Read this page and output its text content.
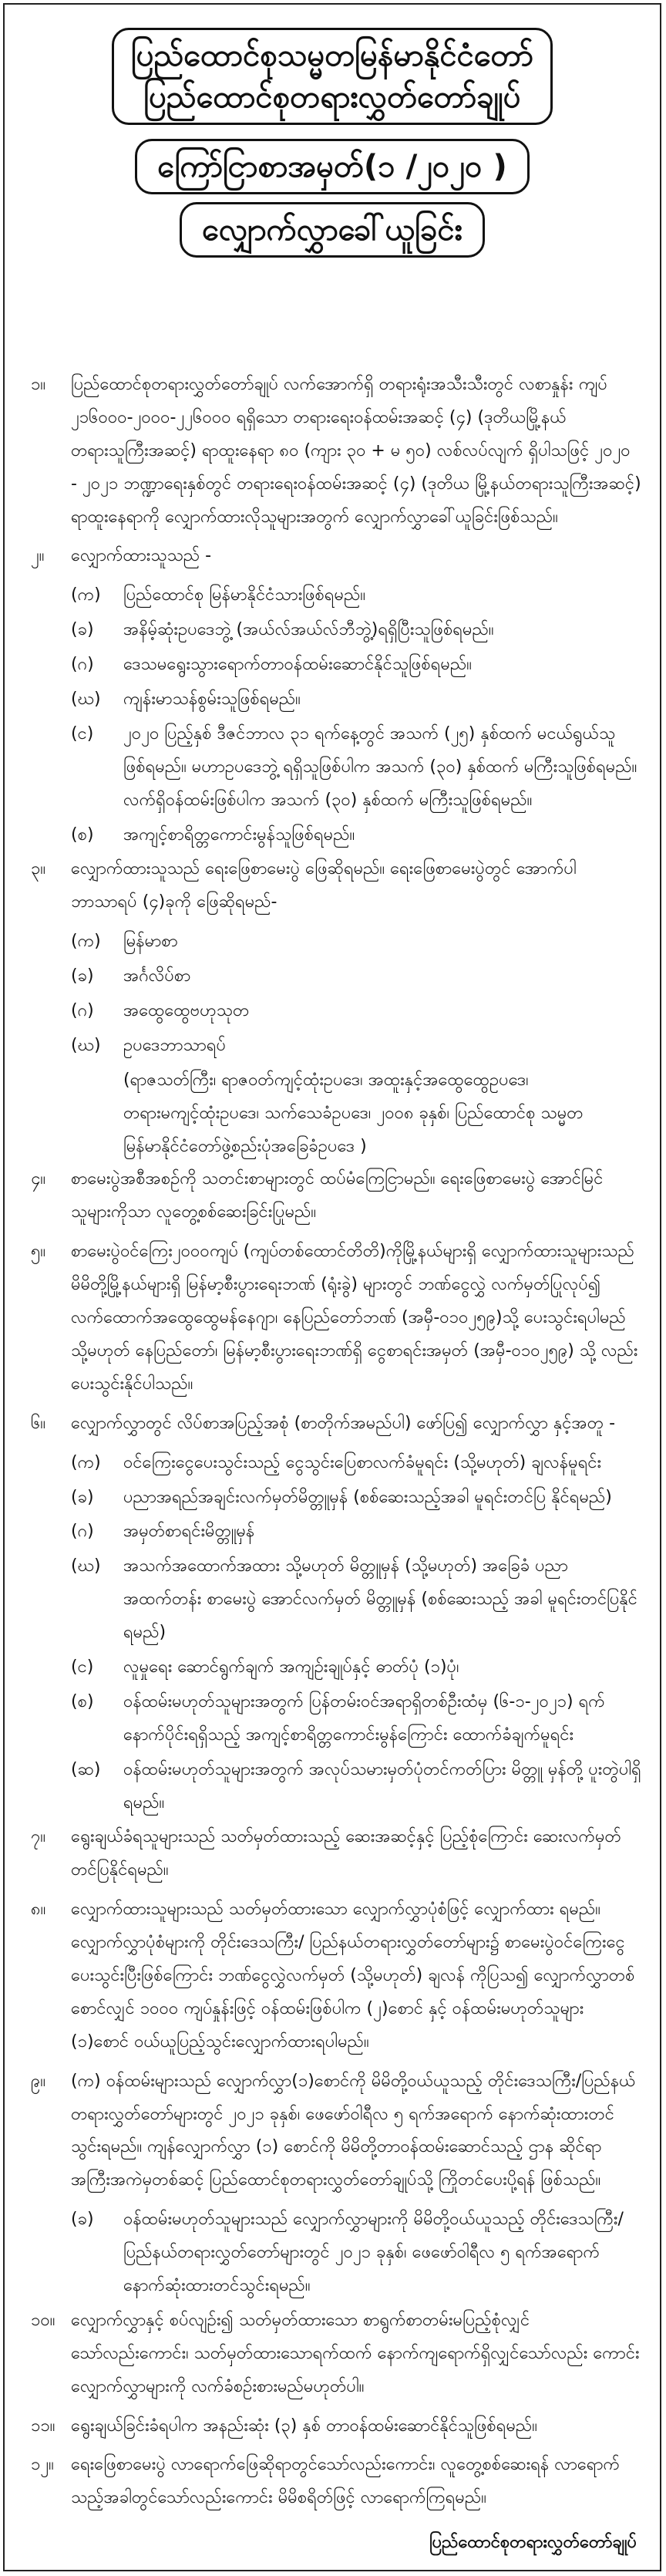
ပြည်ထောင်စုသမ္မတမြန်မာနိုင်ငံတော်
ပြည်ထောင်စုတရားလွှတ်တော်ချုပ်
ကြော်ငြာစာအမှတ်(၁ /၂၀၂၀ )
လျှောက်လွှာခေါ်ယူခြင်း
၁။ ပြည်ထောင်စုတရားလွှတ်တော်ချုပ် လက်အောက်ရှိ တရားရုံးအသီးသီးတွင် လစာနှုန်း ကျပ် ၂၁၆၀၀၀-၂၀၀၀-၂၂၆၀၀၀ ရရှိသော တရားရေးဝန်ထမ်းအဆင့် (၄) (ဒုတိယမြို့နယ်တရားသူကြီးအဆင့်) ရာထူးနေရာ ၈၀ (ကျား ၃၀ + မ ၅၀) လစ်လပ်လျက် ရှိပါသဖြင့် ၂၀၂၀ - ၂၀၂၁ ဘဏ္ဍာရေးနှစ်တွင် တရားရေးဝန်ထမ်းအဆင့် (၄) (ဒုတိယ မြို့နယ်တရားသူကြီးအဆင့်) ရာထူးနေရာကို လျှောက်ထားလိုသူများအတွက် လျှောက်လွှာခေါ်ယူခြင်းဖြစ်သည်။
၂။ လျှောက်ထားသူသည် -
(က) ပြည်ထောင်စု မြန်မာနိုင်ငံသားဖြစ်ရမည်။
(ခ) အနိမ့်ဆုံးဥပဒေဘွဲ့ (အယ်လ်အယ်လ်ဘီဘွဲ့)ရရှိပြီးသူဖြစ်ရမည်။
(ဂ) ဒေသမရွေးသွားရောက်တာဝန်ထမ်းဆောင်နိုင်သူဖြစ်ရမည်။
(ဃ) ကျန်းမာသန်စွမ်းသူဖြစ်ရမည်။
(င) ၂၀၂၀ ပြည့်နှစ် ဒီဇင်ဘာလ ၃၁ ရက်နေ့တွင် အသက် (၂၅) နှစ်ထက် မငယ်ရွယ်သူ ဖြစ်ရမည်။ မဟာဥပဒေဘွဲ့ ရရှိသူဖြစ်ပါက အသက် (၃၀) နှစ်ထက် မကြီးသူဖြစ်ရမည်။ လက်ရှိဝန်ထမ်းဖြစ်ပါက အသက် (၃၀) နှစ်ထက် မကြီးသူဖြစ်ရမည်။
(စ) အကျင့်စာရိတ္တကောင်းမွန်သူဖြစ်ရမည်။
၃။ လျှောက်ထားသူသည် ရေးဖြေစာမေးပွဲ ဖြေဆိုရမည်။ ရေးဖြေစာမေးပွဲတွင် အောက်ပါဘာသာရပ် (၄)ခုကို ဖြေဆိုရမည်-
(က) မြန်မာစာ
(ခ) အင်္ဂလိပ်စာ
(ဂ) အထွေထွေဗဟုသုတ
(ဃ) ဥပဒေဘာသာရပ်
(ရာဇသတ်ကြီး၊ ရာဇဝတ်ကျင့်ထုံးဥပဒေ၊ အထူးနှင့်အထွေထွေဥပဒေ၊ တရားမကျင့်ထုံးဥပဒေ၊ သက်သေခံဥပဒေ၊ ၂၀၀၈ ခုနှစ်၊ ပြည်ထောင်စု သမ္မတမြန်မာနိုင်ငံတော်ဖွဲ့စည်းပုံအခြေခံဥပဒေ )
၄။ စာမေးပွဲအစီအစဉ်ကို သတင်းစာများတွင် ထပ်မံကြေငြာမည်။ ရေးဖြေစာမေးပွဲ အောင်မြင်သူများကိုသာ လူတွေ့စစ်ဆေးခြင်းပြုမည်။
၅။ စာမေးပွဲဝင်ကြေး၂၀၀၀ကျပ် (ကျပ်တစ်ထောင်တိတိ)ကိုမြို့နယ်များရှိ လျှောက်ထားသူများသည် မိမိတို့မြို့နယ်များရှိ မြန်မာ့စီးပွားရေးဘဏ် (ရုံးခွဲ) များတွင် ဘဏ်ငွေလွှဲ လက်မှတ်ပြုလုပ်၍ လက်ထောက်အထွေထွေမန်နေဂျာ၊ နေပြည်တော်ဘဏ် (အမှီ-၀၁၀၂၅၉)သို့ ပေးသွင်းရပါမည် သို့မဟုတ် နေပြည်တော်၊ မြန်မာ့စီးပွားရေးဘဏ်ရှိ ငွေစာရင်းအမှတ် (အမှီ-၀၁၀၂၅၉) သို့ လည်းပေးသွင်းနိုင်ပါသည်။
၆။ လျှောက်လွှာတွင် လိပ်စာအပြည့်အစုံ (စာတိုက်အမည်ပါ) ဖော်ပြ၍ လျှောက်လွှာ နှင့်အတူ -
(က) ဝင်ကြေးငွေပေးသွင်းသည့် ငွေသွင်းပြေစာလက်ခံမူရင်း (သို့မဟုတ်) ချလန်မူရင်း
(ခ) ပညာအရည်အချင်းလက်မှတ်မိတ္တူမှန် (စစ်ဆေးသည့်အခါ မူရင်းတင်ပြ နိုင်ရမည်)
(ဂ) အမှတ်စာရင်းမိတ္တူမှန်
(ဃ) အသက်အထောက်အထား သို့မဟုတ် မိတ္တူမှန် (သို့မဟုတ်) အခြေခံ ပညာအထက်တန်း စာမေးပွဲ အောင်လက်မှတ် မိတ္တူမှန် (စစ်ဆေးသည့် အခါ မူရင်းတင်ပြနိုင်ရမည်)
(င) လူမှုရေး ဆောင်ရွက်ချက် အကျဉ်းချုပ်နှင့် ဓာတ်ပုံ (၁)ပုံ၊
(စ) ဝန်ထမ်းမဟုတ်သူများအတွက် ပြန်တမ်းဝင်အရာရှိတစ်ဦးထံမှ (၆-၁-၂၀၂၁) ရက် နောက်ပိုင်းရရှိသည့် အကျင့်စာရိတ္တကောင်းမွန်ကြောင်း ထောက်ခံချက်မူရင်း
(ဆ) ဝန်ထမ်းမဟုတ်သူများအတွက် အလုပ်သမားမှတ်ပုံတင်ကတ်ပြား မိတ္တူ မှန်တို့ ပူးတွဲပါရှိရမည်။
၇။ ရွေးချယ်ခံရသူများသည် သတ်မှတ်ထားသည့် ဆေးအဆင့်နှင့် ပြည့်စုံကြောင်း ဆေးလက်မှတ် တင်ပြနိုင်ရမည်။
၈။ လျှောက်ထားသူများသည် သတ်မှတ်ထားသော လျှောက်လွှာပုံစံဖြင့် လျှောက်ထား ရမည်။ လျှောက်လွှာပုံစံများကို တိုင်းဒေသကြီး/ ပြည်နယ်တရားလွှတ်တော်များ၌ စာမေးပွဲဝင်ကြေးငွေ ပေးသွင်းပြီးဖြစ်ကြောင်း ဘဏ်ငွေလွှဲလက်မှတ် (သို့မဟုတ်) ချလန် ကိုပြသ၍ လျှောက်လွှာတစ်စောင်လျှင် ၁၀၀၀ ကျပ်နှုန်းဖြင့် ဝန်ထမ်းဖြစ်ပါက (၂)စောင် နှင့် ဝန်ထမ်းမဟုတ်သူများ (၁)စောင် ဝယ်ယူပြည့်သွင်းလျှောက်ထားရပါမည်။
၉။ (က) ဝန်ထမ်းများသည် လျှောက်လွှာ(၁)စောင်ကို မိမိတို့ဝယ်ယူသည့် တိုင်းဒေသကြီး/ပြည်နယ်တရားလွှတ်တော်များတွင် ၂၀၂၁ ခုနှစ်၊ ဖေဖော်ဝါရီလ ၅ ရက်အရောက် နောက်ဆုံးထားတင်သွင်းရမည်။ ကျန်လျှောက်လွှာ (၁) စောင်ကို မိမိတို့တာဝန်ထမ်းဆောင်သည့် ဌာန ဆိုင်ရာအကြီးအကဲမှတစ်ဆင့် ပြည်ထောင်စုတရားလွှတ်တော်ချုပ်သို့ ကြိုတင်ပေးပို့ရန် ဖြစ်သည်။
(ခ) ဝန်ထမ်းမဟုတ်သူများသည် လျှောက်လွှာများကို မိမိတို့ဝယ်ယူသည့် တိုင်းဒေသကြီး/ပြည်နယ်တရားလွှတ်တော်များတွင် ၂၀၂၁ ခုနှစ်၊ ဖေဖော်ဝါရီလ ၅ ရက်အရောက် နောက်ဆုံးထားတင်သွင်းရမည်။
၁၀။ လျှောက်လွှာနှင့် စပ်လျဉ်း၍ သတ်မှတ်ထားသော စာရွက်စာတမ်းမပြည့်စုံလျှင် သော်လည်းကောင်း၊ သတ်မှတ်ထားသောရက်ထက် နောက်ကျရောက်ရှိလျှင်သော်လည်း ကောင်း လျှောက်လွှာများကို လက်ခံစဉ်းစားမည်မဟုတ်ပါ။
၁၁။ ရွေးချယ်ခြင်းခံရပါက အနည်းဆုံး (၃) နှစ် တာဝန်ထမ်းဆောင်နိုင်သူဖြစ်ရမည်။
၁၂။ ရေးဖြေစာမေးပွဲ လာရောက်ဖြေဆိုရာတွင်သော်လည်းကောင်း၊ လူတွေ့စစ်ဆေးရန် လာရောက်သည့်အခါတွင်သော်လည်းကောင်း မိမိစရိတ်ဖြင့် လာရောက်ကြရမည်။
ပြည်ထောင်စုတရားလွှတ်တော်ချုပ်
